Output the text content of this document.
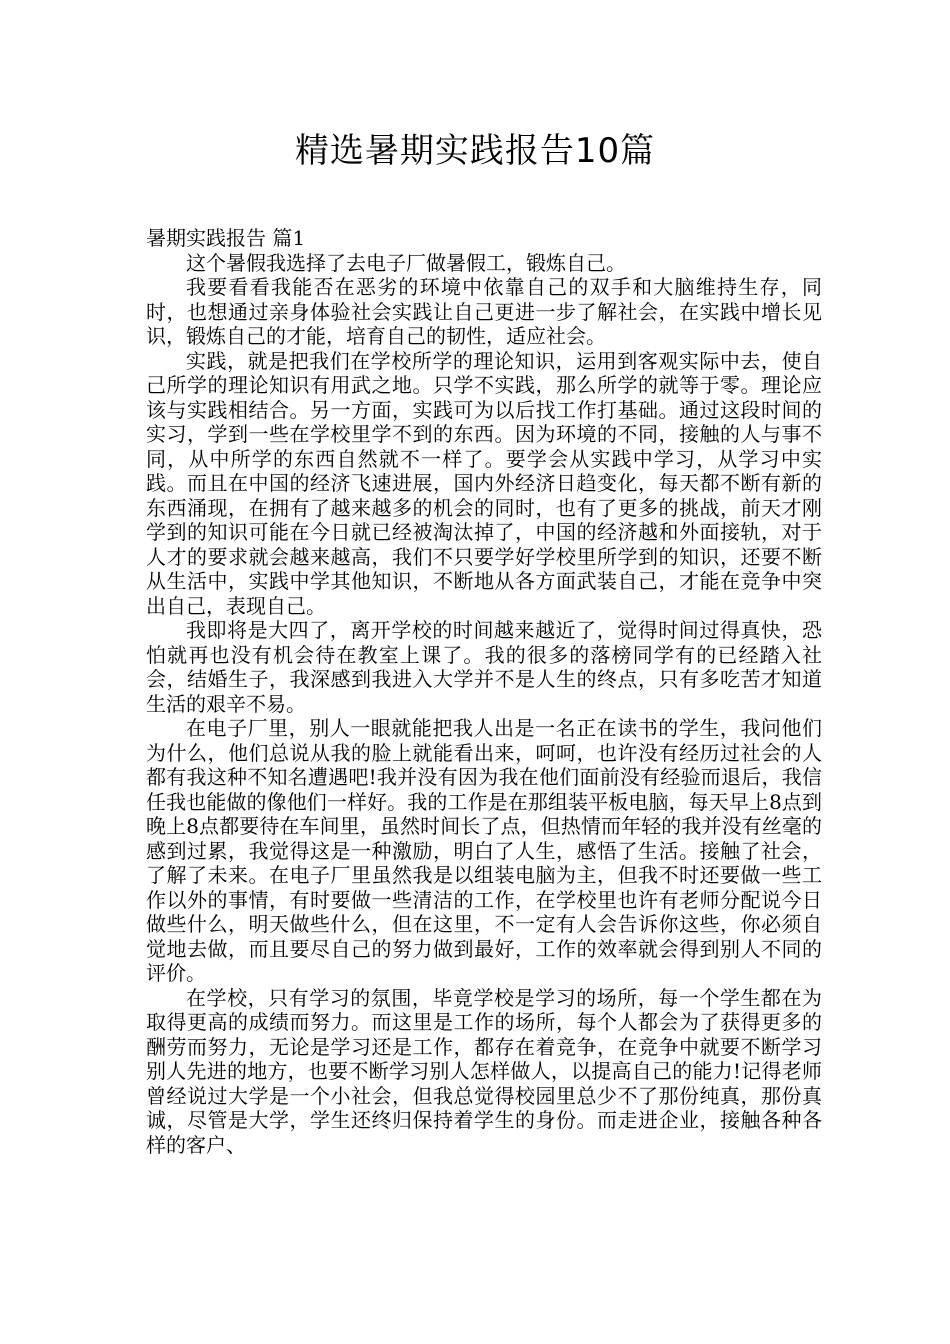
精选暑期实践报告10篇
暑期实践报告 篇1

这个暑假我选择了去电子厂做暑假工，锻炼自己。

我要看看我能否在恶劣的环境中依靠自己的双手和大脑维持生存，同时，也想通过亲身体验社会实践让自己更进一步了解社会，在实践中增长见识，锻炼自己的才能，培育自己的韧性，适应社会。

实践，就是把我们在学校所学的理论知识，运用到客观实际中去，使自己所学的理论知识有用武之地。只学不实践，那么所学的就等于零。理论应该与实践相结合。另一方面，实践可为以后找工作打基础。通过这段时间的实习，学到一些在学校里学不到的东西。因为环境的不同，接触的人与事不同，从中所学的东西自然就不一样了。要学会从实践中学习，从学习中实践。而且在中国的经济飞速进展，国内外经济日趋变化，每天都不断有新的东西涌现，在拥有了越来越多的机会的同时，也有了更多的挑战，前天才刚学到的知识可能在今日就已经被淘汰掉了，中国的经济越和外面接轨，对于人才的要求就会越来越高，我们不只要学好学校里所学到的知识，还要不断从生活中，实践中学其他知识，不断地从各方面武装自己，才能在竞争中突出自己，表现自己。

我即将是大四了，离开学校的时间越来越近了，觉得时间过得真快，恐怕就再也没有机会待在教室上课了。我的很多的落榜同学有的已经踏入社会，结婚生子，我深感到我进入大学并不是人生的终点，只有多吃苦才知道生活的艰辛不易。

在电子厂里，别人一眼就能把我人出是一名正在读书的学生，我问他们为什么，他们总说从我的脸上就能看出来，呵呵，也许没有经历过社会的人都有我这种不知名遭遇吧!我并没有因为我在他们面前没有经验而退后，我信任我也能做的像他们一样好。我的工作是在那组装平板电脑，每天早上8点到晚上8点都要待在车间里，虽然时间长了点，但热情而年轻的我并没有丝毫的感到过累，我觉得这是一种激励，明白了人生，感悟了生活。接触了社会，了解了未来。在电子厂里虽然我是以组装电脑为主，但我不时还要做一些工作以外的事情，有时要做一些清洁的工作，在学校里也许有老师分配说今日做些什么，明天做些什么，但在这里，不一定有人会告诉你这些，你必须自觉地去做，而且要尽自己的努力做到最好，工作的效率就会得到别人不同的评价。

在学校，只有学习的氛围，毕竟学校是学习的场所，每一个学生都在为取得更高的成绩而努力。而这里是工作的场所，每个人都会为了获得更多的酬劳而努力，无论是学习还是工作，都存在着竞争，在竞争中就要不断学习别人先进的地方，也要不断学习别人怎样做人，以提高自己的能力!记得老师曾经说过大学是一个小社会，但我总觉得校园里总少不了那份纯真，那份真诚，尽管是大学，学生还终归保持着学生的身份。而走进企业，接触各种各样的客户、
